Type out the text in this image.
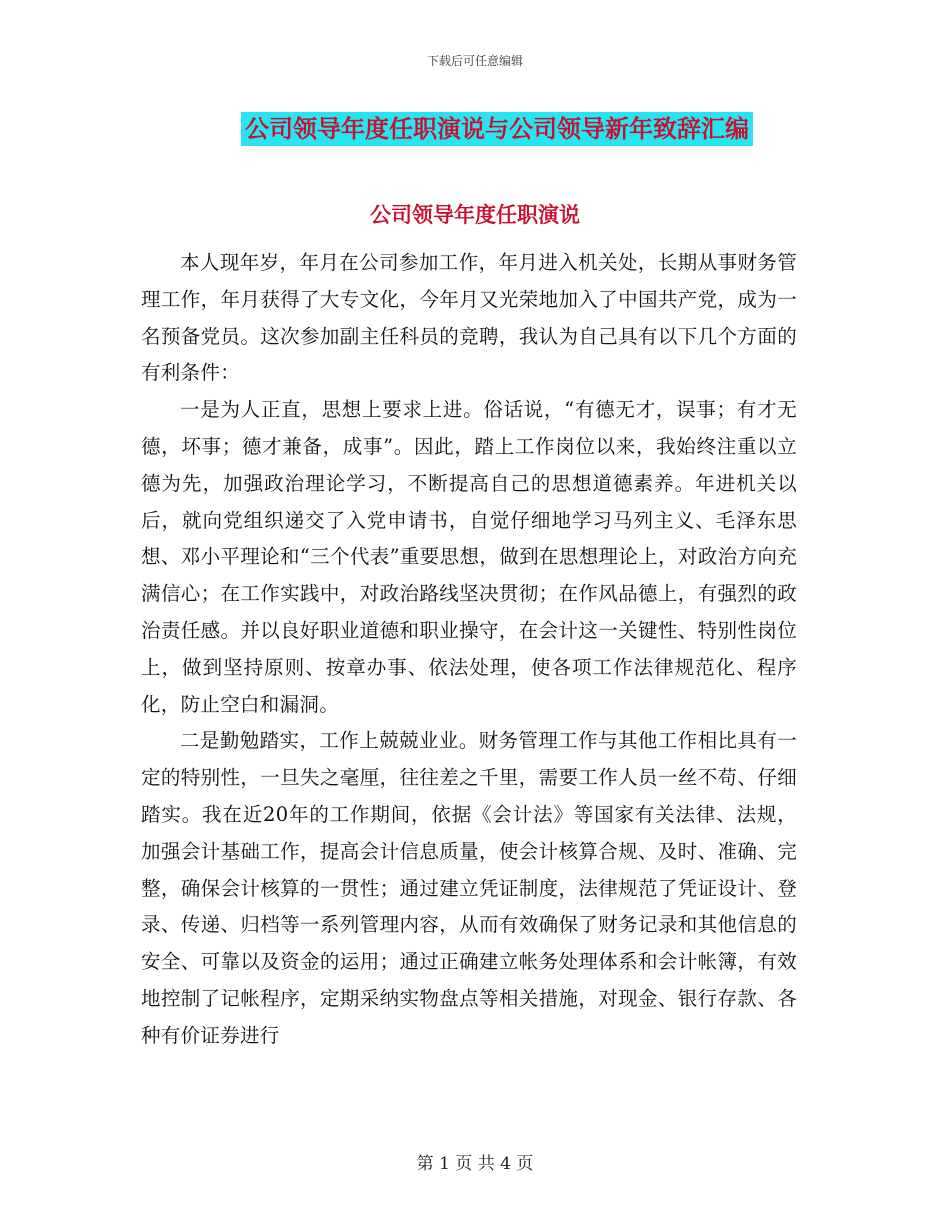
下载后可任意编辑
公司领导年度任职演说与公司领导新年致辞汇编
公司领导年度任职演说

本人现年岁，年月在公司参加工作，年月进入机关处，长期从事财务管理工作，年月获得了大专文化，今年月又光荣地加入了中国共产党，成为一名预备党员。这次参加副主任科员的竞聘，我认为自己具有以下几个方面的有利条件：

一是为人正直，思想上要求上进。俗话说，“有德无才，误事；有才无德，坏事；德才兼备，成事”。因此，踏上工作岗位以来，我始终注重以立德为先，加强政治理论学习，不断提高自己的思想道德素养。年进机关以后，就向党组织递交了入党申请书，自觉仔细地学习马列主义、毛泽东思想、邓小平理论和“三个代表”重要思想，做到在思想理论上，对政治方向充满信心；在工作实践中，对政治路线坚决贯彻；在作风品德上，有强烈的政治责任感。并以良好职业道德和职业操守，在会计这一关键性、特别性岗位上，做到坚持原则、按章办事、依法处理，使各项工作法律规范化、程序化，防止空白和漏洞。

二是勤勉踏实，工作上兢兢业业。财务管理工作与其他工作相比具有一定的特别性，一旦失之毫厘，往往差之千里，需要工作人员一丝不苟、仔细踏实。我在近20年的工作期间，依据《会计法》等国家有关法律、法规，加强会计基础工作，提高会计信息质量，使会计核算合规、及时、准确、完整，确保会计核算的一贯性；通过建立凭证制度，法律规范了凭证设计、登录、传递、归档等一系列管理内容，从而有效确保了财务记录和其他信息的安全、可靠以及资金的运用；通过正确建立帐务处理体系和会计帐簿，有效地控制了记帐程序，定期采纳实物盘点等相关措施，对现金、银行存款、各种有价证券进行

第 1 页 共 4 页
